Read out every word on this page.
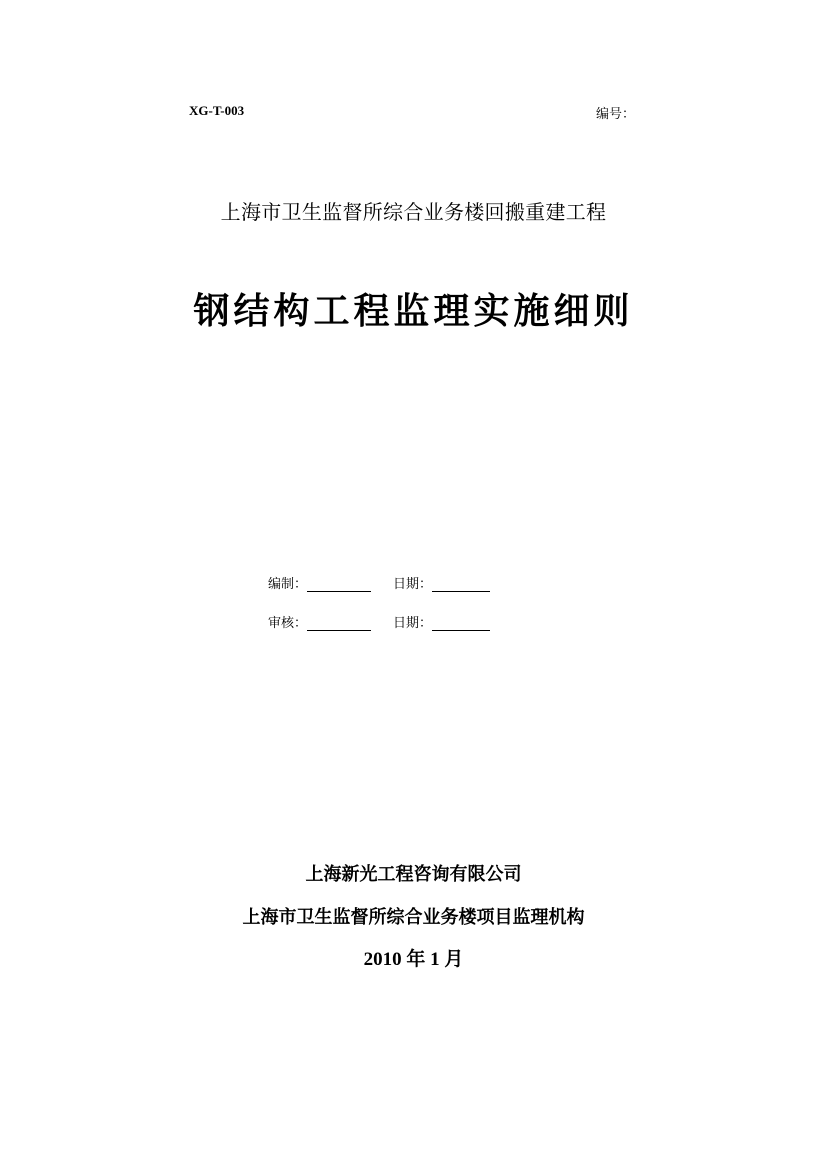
XG-T-003	编号：
上海市卫生监督所综合业务楼回搬重建工程
钢结构工程监理实施细则
编制：	日期：
审核：	日期：
上海新光工程咨询有限公司
上海市卫生监督所综合业务楼项目监理机构
2010 年 1 月
